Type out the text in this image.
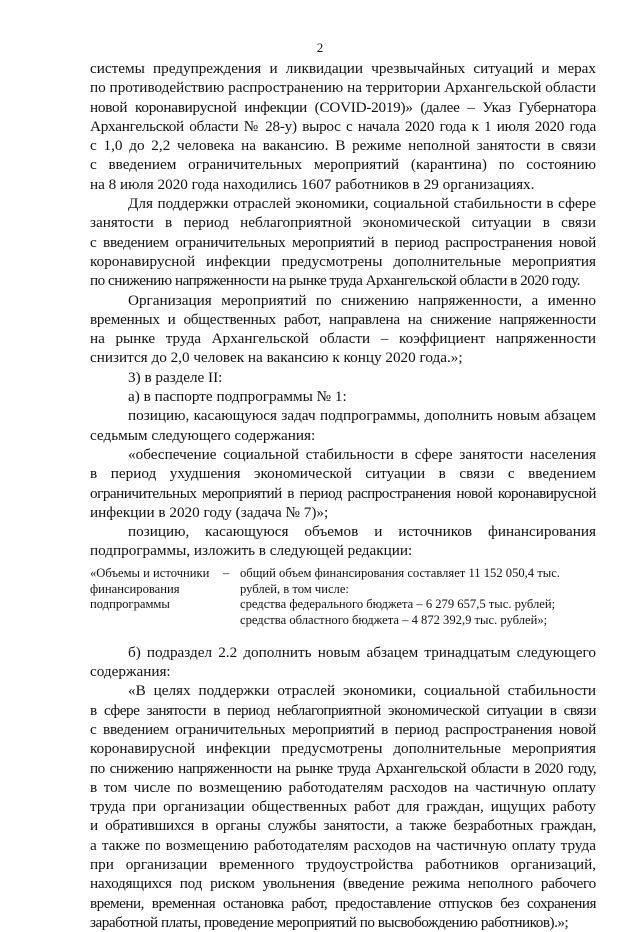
2
системы предупреждения и ликвидации чрезвычайных ситуаций и мерах
по противодействию распространению на территории Архангельской области
новой коронавирусной инфекции (COVID-2019)» (далее – Указ Губернатора
Архангельской области № 28-у) вырос с начала 2020 года к 1 июля 2020 года
с 1,0 до 2,2 человека на вакансию. В режиме неполной занятости в связи
с введением ограничительных мероприятий (карантина) по состоянию
на 8 июля 2020 года находились 1607 работников в 29 организациях.
Для поддержки отраслей экономики, социальной стабильности в сфере
занятости в период неблагоприятной экономической ситуации в связи
с введением ограничительных мероприятий в период распространения новой
коронавирусной инфекции предусмотрены дополнительные мероприятия
по снижению напряженности на рынке труда Архангельской области в 2020 году.
Организация мероприятий по снижению напряженности, а именно
временных и общественных работ, направлена на снижение напряженности
на рынке труда Архангельской области – коэффициент напряженности
снизится до 2,0 человек на вакансию к концу 2020 года.»;
3) в разделе II:
а) в паспорте подпрограммы № 1:
позицию, касающуюся задач подпрограммы, дополнить новым абзацем
седьмым следующего содержания:
«обеспечение социальной стабильности в сфере занятости населения
в период ухудшения экономической ситуации в связи с введением
ограничительных мероприятий в период распространения новой коронавирусной
инфекции в 2020 году (задача № 7)»;
позицию, касающуюся объемов и источников финансирования
подпрограммы, изложить в следующей редакции:
«Объемы и источники
финансирования
подпрограммы
– общий объем финансирования составляет 11 152 050,4 тыс.
рублей, в том числе:
средства федерального бюджета – 6 279 657,5 тыс. рублей;
средства областного бюджета – 4 872 392,9 тыс. рублей»;
б) подраздел 2.2 дополнить новым абзацем тринадцатым следующего
содержания:
«В целях поддержки отраслей экономики, социальной стабильности
в сфере занятости в период неблагоприятной экономической ситуации в связи
с введением ограничительных мероприятий в период распространения новой
коронавирусной инфекции предусмотрены дополнительные мероприятия
по снижению напряженности на рынке труда Архангельской области в 2020 году,
в том числе по возмещению работодателям расходов на частичную оплату
труда при организации общественных работ для граждан, ищущих работу
и обратившихся в органы службы занятости, а также безработных граждан,
а также по возмещению работодателям расходов на частичную оплату труда
при организации временного трудоустройства работников организаций,
находящихся под риском увольнения (введение режима неполного рабочего
времени, временная остановка работ, предоставление отпусков без сохранения
заработной платы, проведение мероприятий по высвобождению работников).»;
